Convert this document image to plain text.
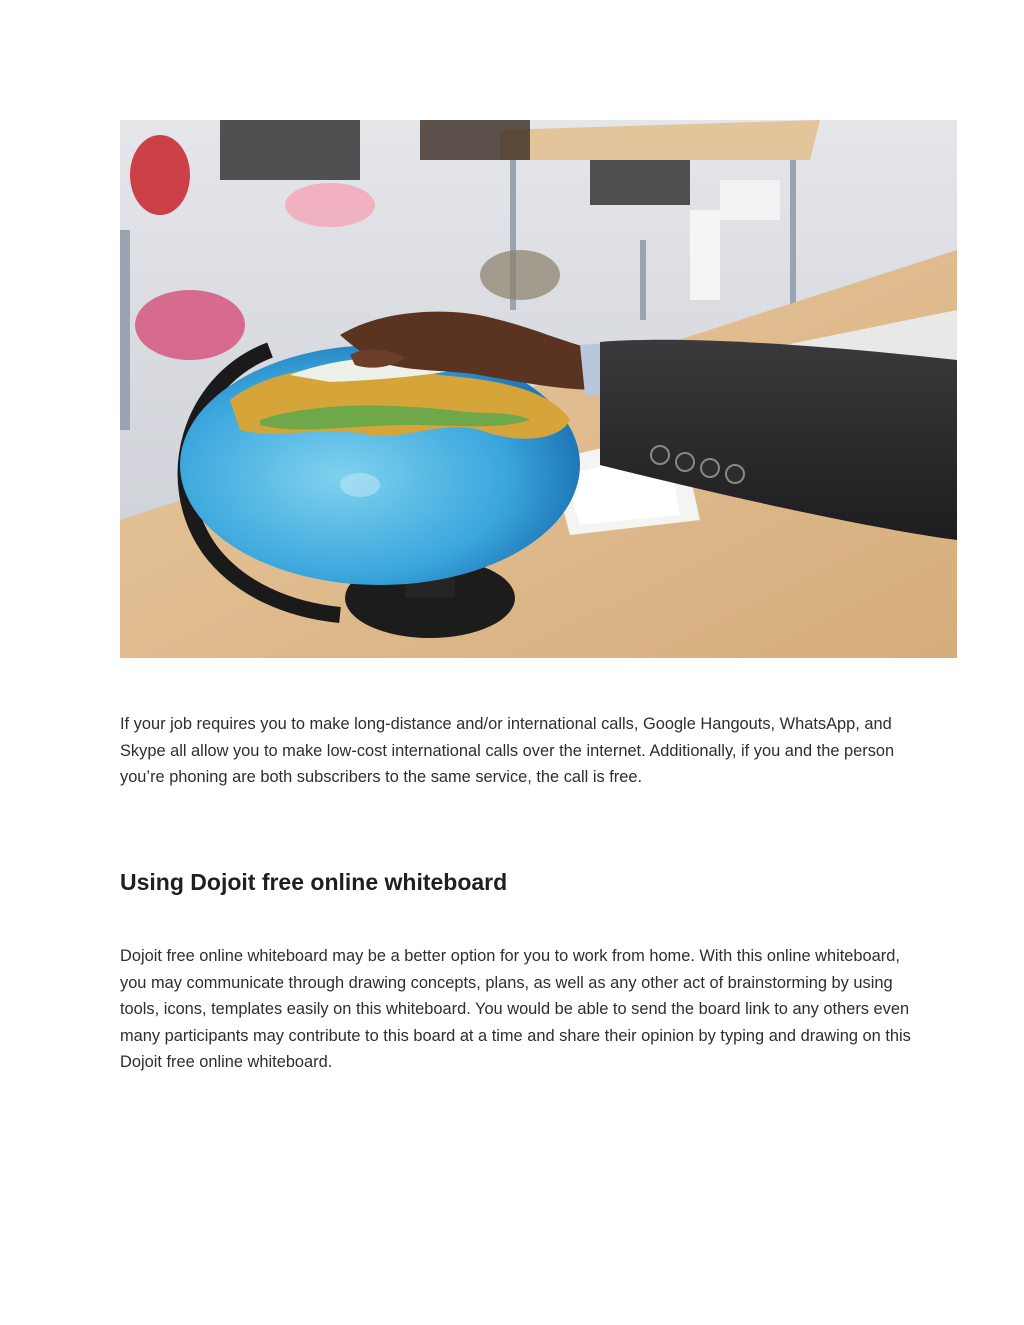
If your job requires you to make long-distance and/or international calls, Google Hangouts, WhatsApp, and Skype all allow you to make low-cost international calls over the internet. Additionally, if you and the person you’re phoning are both subscribers to the same service, the call is free.

Using Dojoit free online whiteboard

Dojoit free online whiteboard may be a better option for you to work from home. With this online whiteboard, you may communicate through drawing concepts, plans, as well as any other act of brainstorming by using tools, icons, templates easily on this whiteboard. You would be able to send the board link to any others even many participants may contribute to this board at a time and share their opinion by typing and drawing on this Dojoit free online whiteboard.
